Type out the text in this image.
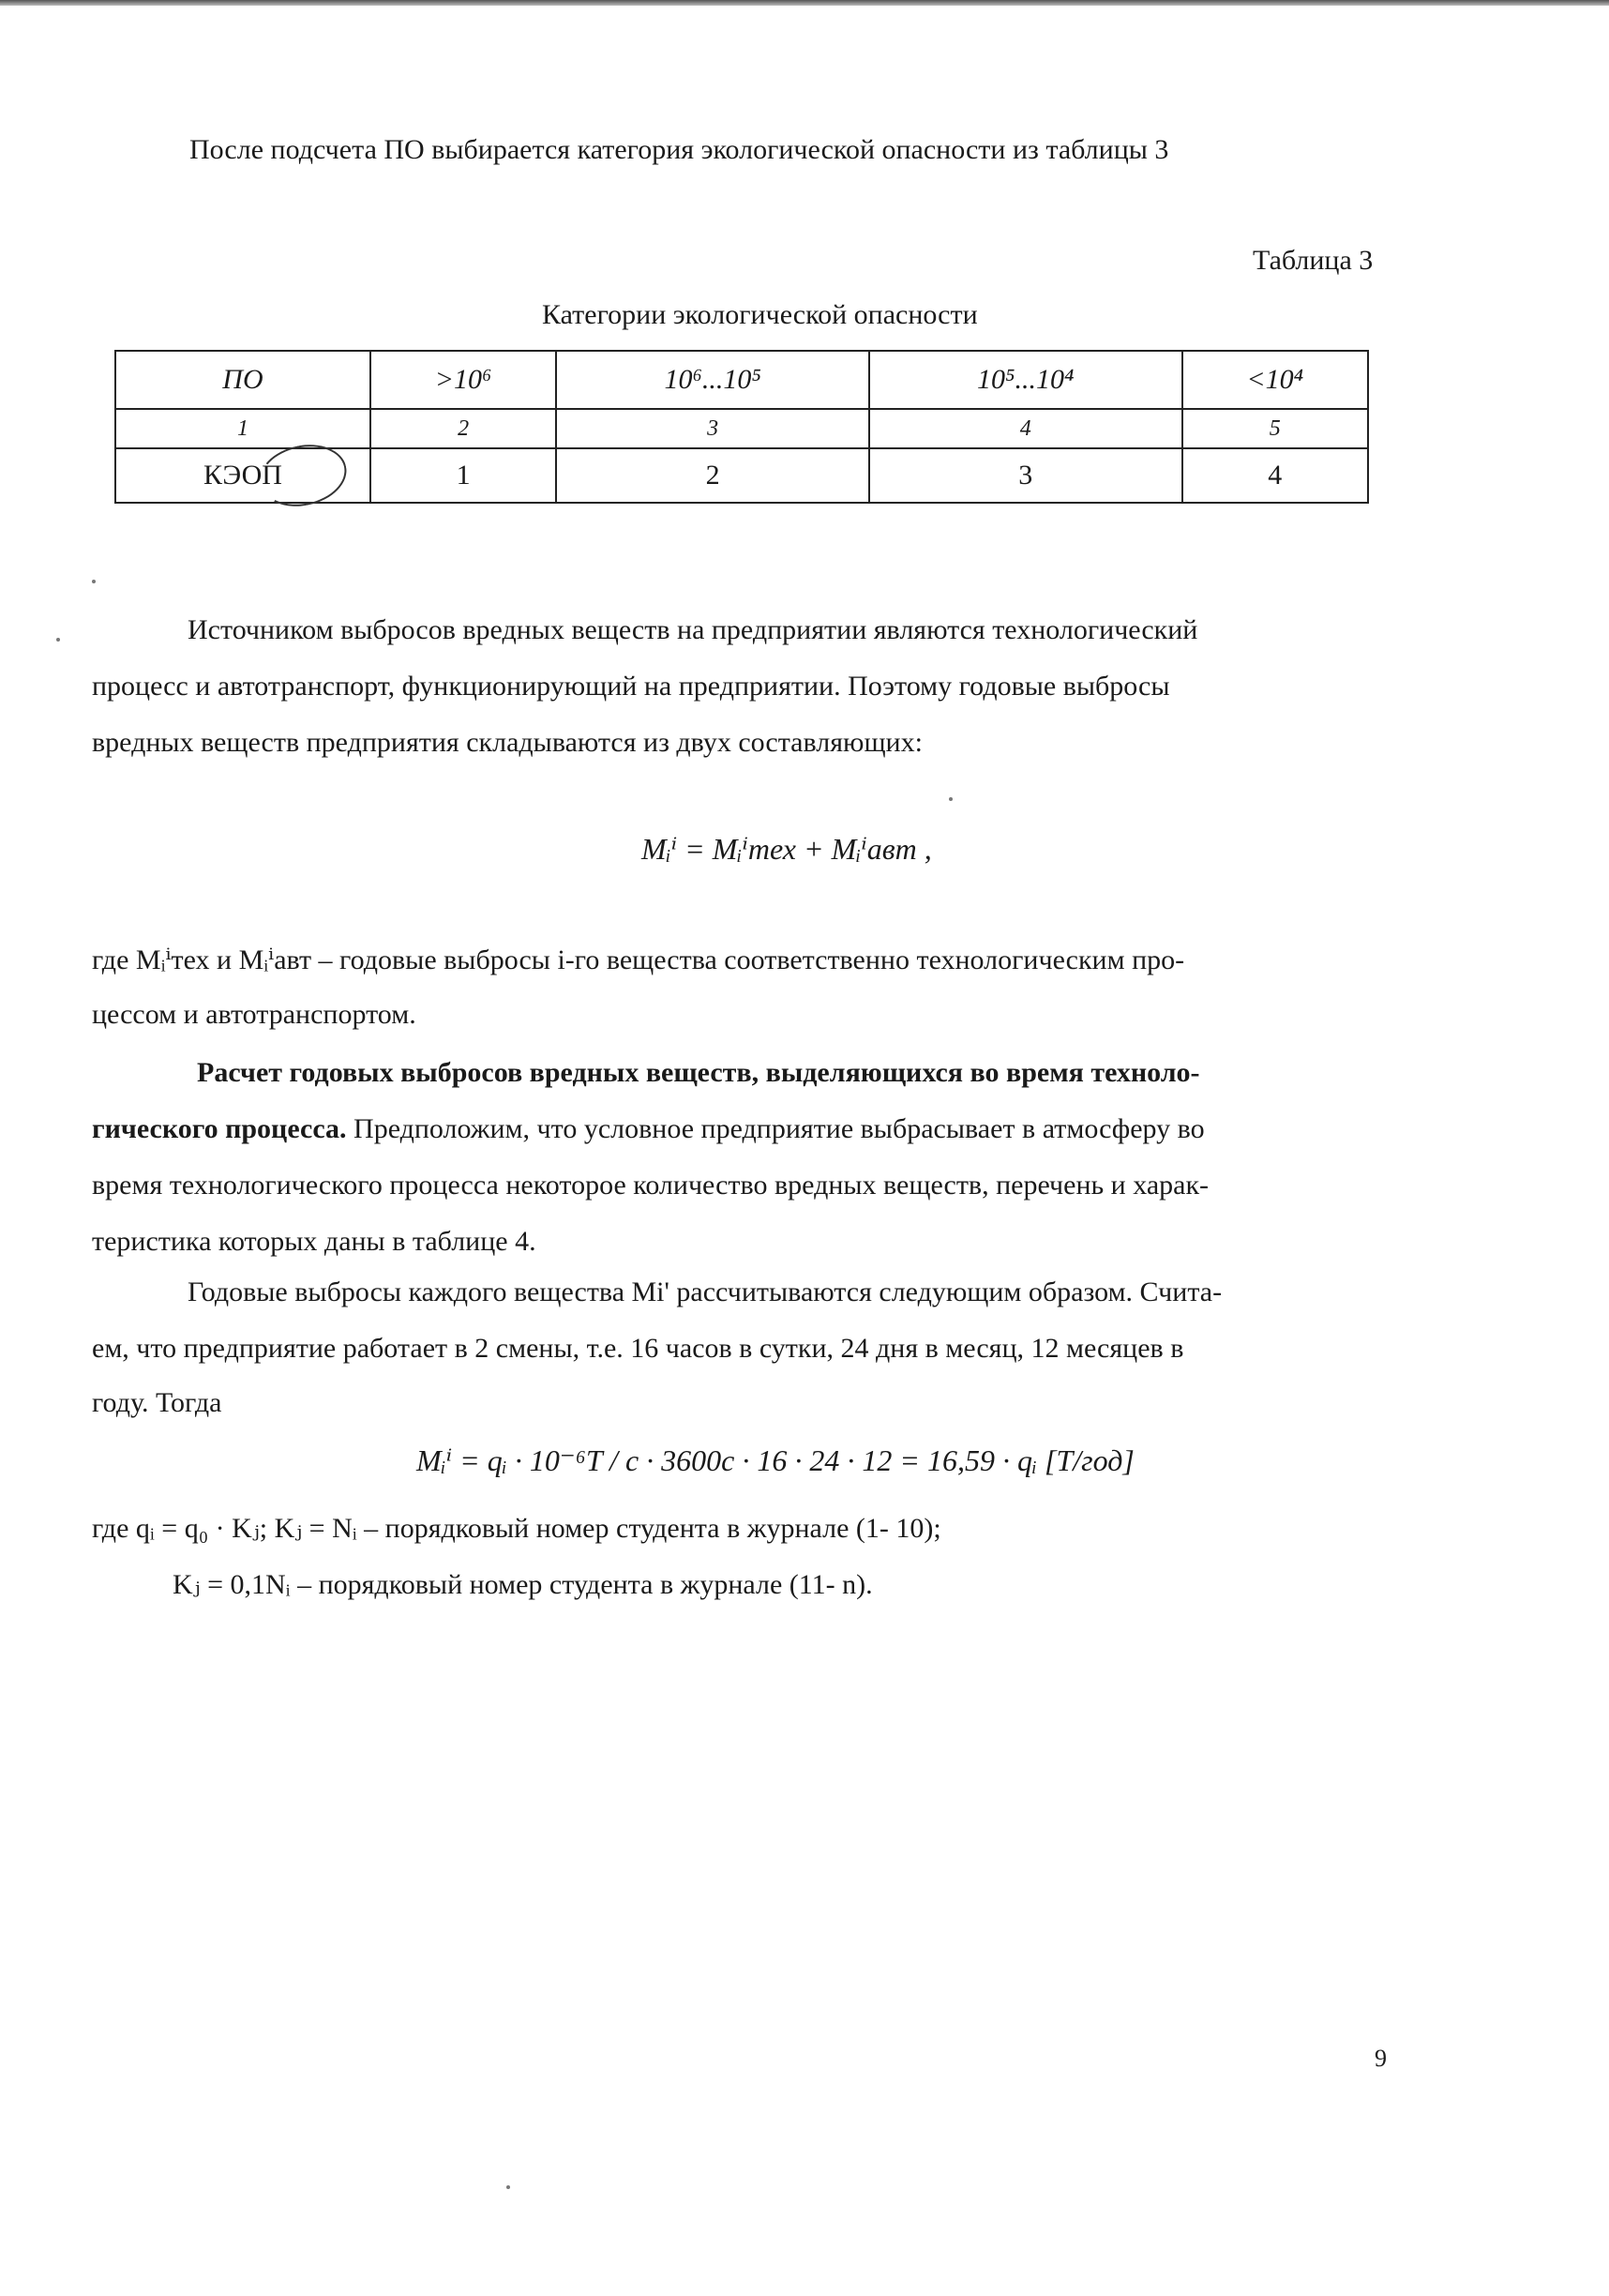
После подсчета ПО выбирается категория экологической опасности из таблицы 3
Таблица 3
Категории экологической опасности
ПО	>10⁶	10⁶...10⁵	10⁵...10⁴	<10⁴
1	2	3	4	5
КЭОП	1	2	3	4
Источником выбросов вредных веществ на предприятии являются технологический
процесс и автотранспорт, функционирующий на предприятии. Поэтому годовые выбросы
вредных веществ предприятия складываются из двух составляющих:
Mᵢⁱ = Mᵢⁱтех + Mᵢⁱавт ,
где Mᵢⁱтех и Mᵢⁱавт – годовые выбросы i-го вещества соответственно технологическим про-
цессом и автотранспортом.
Расчет годовых выбросов вредных веществ, выделяющихся во время техноло-
гического процесса. Предположим, что условное предприятие выбрасывает в атмосферу во
время технологического процесса некоторое количество вредных веществ, перечень и харак-
теристика которых даны в таблице 4.
Годовые выбросы каждого вещества Mi' рассчитываются следующим образом. Счита-
ем, что предприятие работает в 2 смены, т.е. 16 часов в сутки, 24 дня в месяц, 12 месяцев в
году. Тогда
Mᵢⁱ = qᵢ · 10⁻⁶T / c · 3600c · 16 · 24 · 12 = 16,59 · qᵢ [T/год]
где qᵢ = q₀ · Kⱼ; Kⱼ = Nᵢ – порядковый номер студента в журнале (1- 10);
Kⱼ = 0,1Nᵢ – порядковый номер студента в журнале (11- n).
9
